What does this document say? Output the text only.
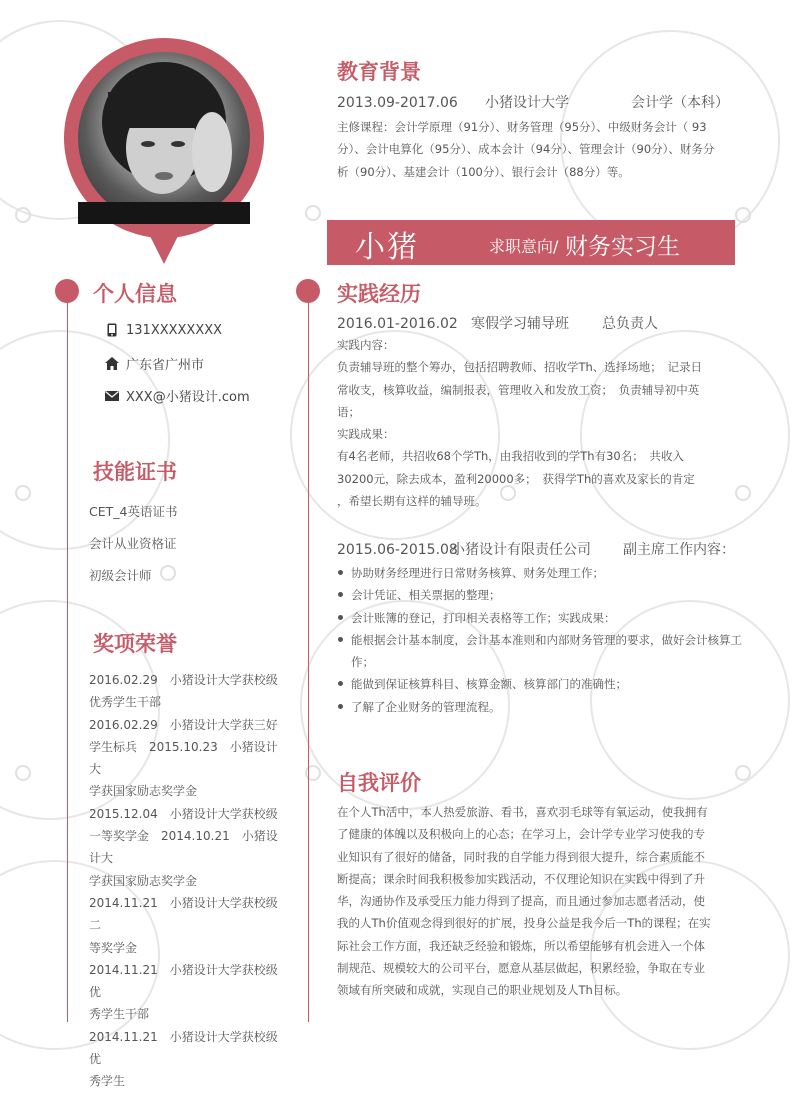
个人信息
131XXXXXXXX
广东省广州市
XXX@小猪设计.com
技能证书
CET_4英语证书
会计从业资格证
初级会计师
奖项荣誉
2016.02.29　小猪设计大学获校级
优秀学生干部
2016.02.29　小猪设计大学获三好
学生标兵　2015.10.23　小猪设计大
学获国家励志奖学金
2015.12.04　小猪设计大学获校级
一等奖学金　2014.10.21　小猪设计大
学获国家励志奖学金
2014.11.21　小猪设计大学获校级二
等奖学金
2014.11.21　小猪设计大学获校级优
秀学生干部
2014.11.21　小猪设计大学获校级优
秀学生
教育背景
2013.09-2017.06 小猪设计大学	会计学（本科）
主修课程：会计学原理（91分）、财务管理（95分）、中级财务会计（ 93
分）、会计电算化（95分）、成本会计（94分）、管理会计（90分）、财务分
析（90分）、基建会计（100分）、银行会计（88分）等。
小猪	求职意向/ 财务实习生
实践经历
2016.01-2016.02 寒假学习辅导班 总负责人
实践内容：
负责辅导班的整个筹办，包括招聘教师、招收学Th、选择场地；　记录日
常收支，核算收益，编制报表，管理收入和发放工资；　负责辅导初中英
语；
实践成果：
有4名老师，共招收68个学Th，由我招收到的学Th有30名；　共收入
30200元，除去成本，盈利20000多；　获得学Th的喜欢及家长的肯定
，希望长期有这样的辅导班。
2015.06-2015.08小猪设计有限责任公司 副主席工作内容：
协助财务经理进行日常财务核算、财务处理工作；
会计凭证、相关票据的整理；
会计账簿的登记，打印相关表格等工作；实践成果：
能根据会计基本制度，会计基本准则和内部财务管理的要求，做好会计核算工作；
能做到保证核算科目、核算金额、核算部门的准确性；
了解了企业财务的管理流程。
自我评价
在个人Th活中，本人热爱旅游、看书，喜欢羽毛球等有氧运动，使我拥有
了健康的体魄以及积极向上的心态；在学习上，会计学专业学习使我的专
业知识有了很好的储备，同时我的自学能力得到很大提升，综合素质能不
断提高；课余时间我积极参加实践活动，不仅理论知识在实践中得到了升
华，沟通协作及承受压力能力得到了提高，而且通过参加志愿者活动，使
我的人Th价值观念得到很好的扩展，投身公益是我今后一Th的课程；在实
际社会工作方面，我还缺乏经验和锻炼，所以希望能够有机会进入一个体
制规范、规模较大的公司平台，愿意从基层做起，积累经验，争取在专业
领域有所突破和成就，实现自己的职业规划及人Th目标。
